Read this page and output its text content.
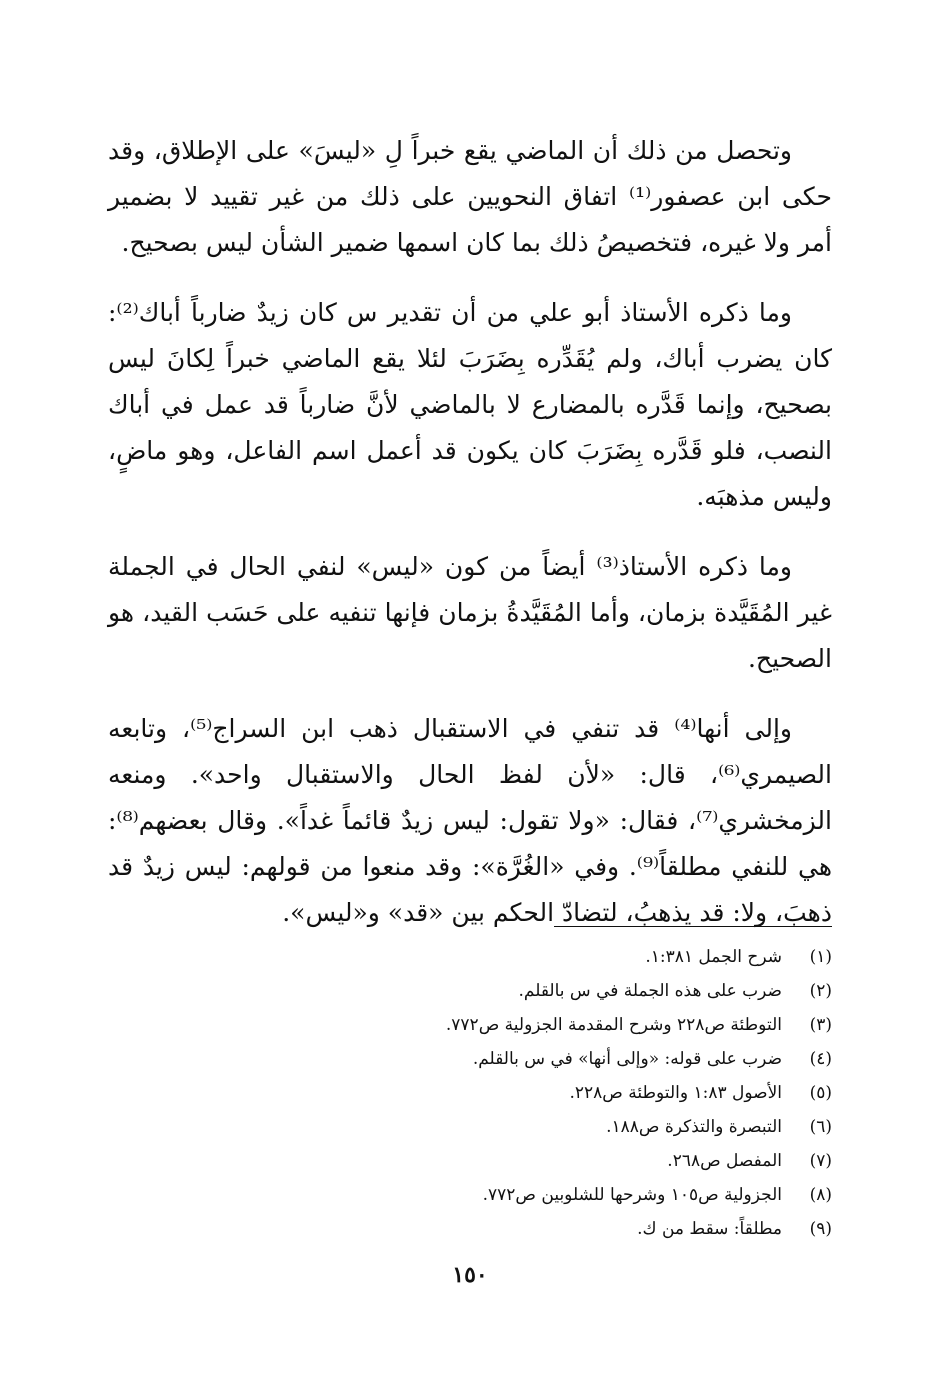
وتحصل من ذلك أن الماضي يقع خبراً لِ «ليسَ» على الإطلاق، وقد حكى ابن عصفور⁽¹⁾ اتفاق النحويين على ذلك من غير تقييد لا بضمير أمر ولا غيره، فتخصيصُ ذلك بما كان اسمها ضمير الشأن ليس بصحيح.

وما ذكره الأستاذ أبو علي من أن تقدير س كان زيدٌ ضارباً أباك⁽²⁾: كان يضرب أباك، ولم يُقَدِّره بِضَرَبَ لئلا يقع الماضي خبراً لِكانَ ليس بصحيح، وإنما قَدَّره بالمضارع لا بالماضي لأنَّ ضارباً قد عمل في أباك النصب، فلو قَدَّره بِضَرَبَ كان يكون قد أعمل اسم الفاعل، وهو ماضٍ، وليس مذهبَه.

وما ذكره الأستاذ⁽³⁾ أيضاً من كون «ليس» لنفي الحال في الجملة غير المُقَيَّدة بزمان، وأما المُقَيَّدةُ بزمان فإنها تنفيه على حَسَب القيد، هو الصحيح.

وإلى أنها⁽⁴⁾ قد تنفي في الاستقبال ذهب ابن السراج⁽⁵⁾، وتابعه الصيمري⁽⁶⁾، قال: «لأن لفظ الحال والاستقبال واحد». ومنعه الزمخشري⁽⁷⁾، فقال: «ولا تقول: ليس زيدٌ قائماً غداً». وقال بعضهم⁽⁸⁾: هي للنفي مطلقاً⁽⁹⁾. وفي «الغُرَّة»: وقد منعوا من قولهم: ليس زيدٌ قد ذهبَ، ولا: قد يذهبُ، لتضادّ الحكم بين «قد» و«ليس».

(١)
شرح الجمل ١:٣٨١.
(٢)
ضرب على هذه الجملة في س بالقلم.
(٣)
التوطئة ص٢٢٨ وشرح المقدمة الجزولية ص٧٧٢.
(٤)
ضرب على قوله: «وإلى أنها» في س بالقلم.
(٥)
الأصول ١:٨٣ والتوطئة ص٢٢٨.
(٦)
التبصرة والتذكرة ص١٨٨.
(٧)
المفصل ص٢٦٨.
(٨)
الجزولية ص١٠٥ وشرحها للشلوبين ص٧٧٢.
(٩)
مطلقاً: سقط من ك.
١٥٠
